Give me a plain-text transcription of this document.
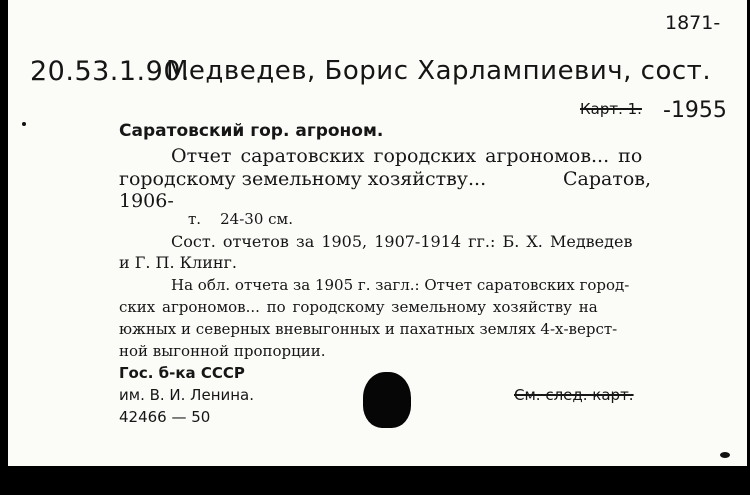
1871-
20.53.1.90.
Медведев, Борис Харлампиевич, сост.
Карт. 1. -1955
Саратовский гор. агроном.
Отчет саратовских городских агрономов... по
городскому земельному хозяйству...	Саратов,
1906-
т.    24-30 см.
Сост. отчетов за 1905, 1907-1914 гг.: Б. Х. Медведев
и Г. П. Клинг.
На обл. отчета за 1905 г. загл.: Отчет саратовских город-
ских агрономов... по городскому земельному хозяйству на
южных и северных вневыгонных и пахатных землях 4-х-верст-
ной выгонной пропорции.
Гос. б-ка СССР
им. В. И. Ленина.
42466 — 50
См. след. карт.
